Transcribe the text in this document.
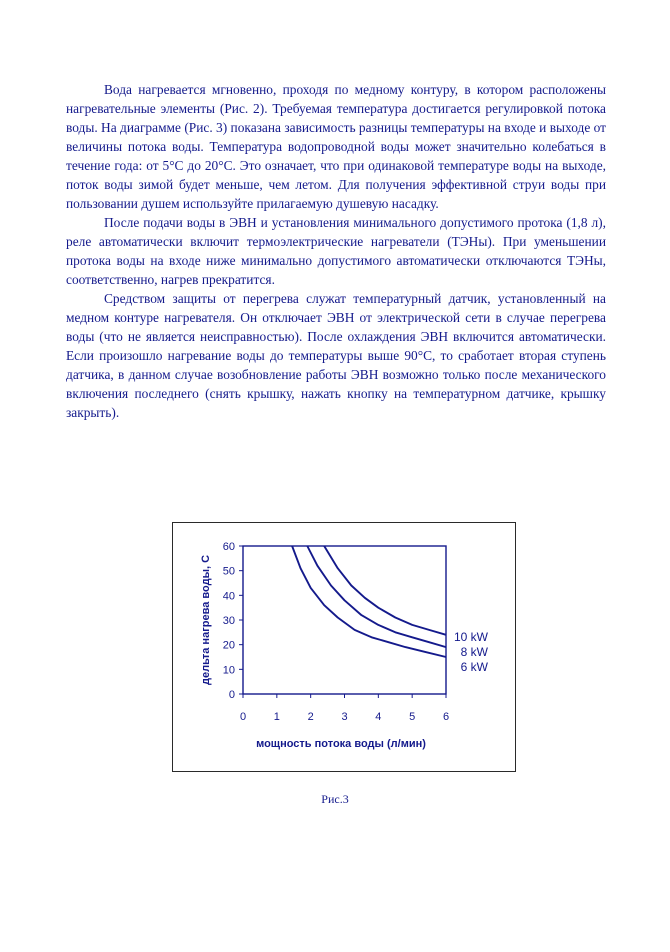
Вода нагревается мгновенно, проходя по медному контуру, в котором расположены нагревательные элементы (Рис. 2). Требуемая температура достигается регулировкой потока воды. На диаграмме (Рис. 3) показана зависимость разницы температуры на входе и выходе от величины потока воды. Температура водопроводной воды может значительно колебаться в течение года: от 5°С до 20°С. Это означает, что при одинаковой температуре воды на выходе, поток воды зимой будет меньше, чем летом. Для получения эффективной струи воды при пользовании душем используйте прилагаемую душевую насадку.

После подачи воды в ЭВН и установления минимального допустимого протока (1,8 л), реле автоматически включит термоэлектрические нагреватели (ТЭНы). При уменьшении протока воды на входе ниже минимально допустимого автоматически отключаются ТЭНы, соответственно, нагрев прекратится.

Средством защиты от перегрева служат температурный датчик, установленный на медном контуре нагревателя. Он отключает ЭВН от электрической сети в случае перегрева воды (что не является неисправностью). После охлаждения ЭВН включится автоматически. Если произошло нагревание воды до температуры выше 90°С, то сработает вторая ступень датчика, в данном случае возобновление работы ЭВН возможно только после механического включения последнего (снять крышку, нажать кнопку на температурном датчике, крышку закрыть).

0	1	2	3	4	5	6
0
10
20
30
40
50
60
10 kW
8 kW
6 kW
мощность потока воды (л/мин)
дельта нагрева воды, С
Рис.3
